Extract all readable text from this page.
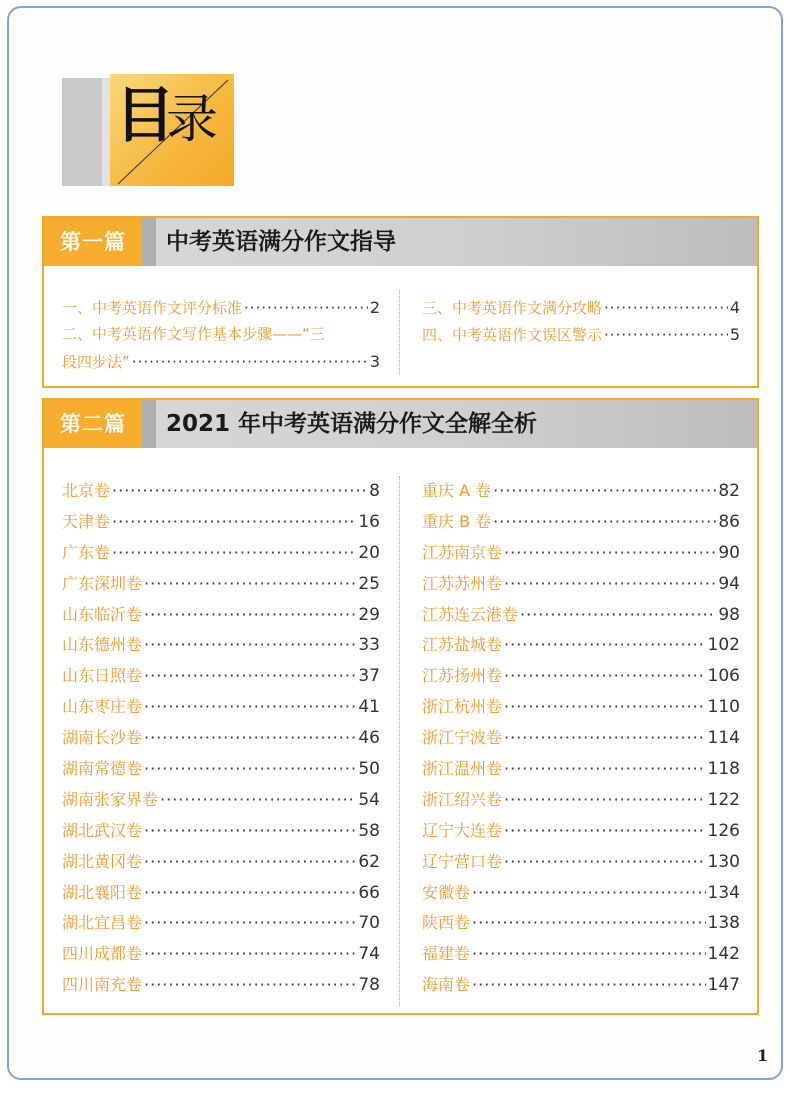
目
录
第一篇	中考英语满分作文指导
一、中考英语作文评分标准 ·····	2
二、中考英语作文写作基本步骤——“三
段四步法” ·····	3
三、中考英语作文满分攻略 ·····	4
四、中考英语作文误区警示 ·····	5
第二篇	2021 年中考英语满分作文全解全析
北京卷 ·····	8
天津卷 ·····	16
广东卷 ·····	20
广东深圳卷 ·····	25
山东临沂卷 ·····	29
山东德州卷 ·····	33
山东日照卷 ·····	37
山东枣庄卷 ·····	41
湖南长沙卷 ·····	46
湖南常德卷 ·····	50
湖南张家界卷 ·····	54
湖北武汉卷 ·····	58
湖北黄冈卷 ·····	62
湖北襄阳卷 ·····	66
湖北宜昌卷 ·····	70
四川成都卷 ·····	74
四川南充卷 ·····	78
重庆 A 卷 ·····	82
重庆 B 卷 ·····	86
江苏南京卷 ·····	90
江苏苏州卷 ·····	94
江苏连云港卷 ·····	98
江苏盐城卷 ·····	102
江苏扬州卷 ·····	106
浙江杭州卷 ·····	110
浙江宁波卷 ·····	114
浙江温州卷 ·····	118
浙江绍兴卷 ·····	122
辽宁大连卷 ·····	126
辽宁营口卷 ·····	130
安徽卷 ·····	134
陕西卷 ·····	138
福建卷 ·····	142
海南卷 ·····	147
1
